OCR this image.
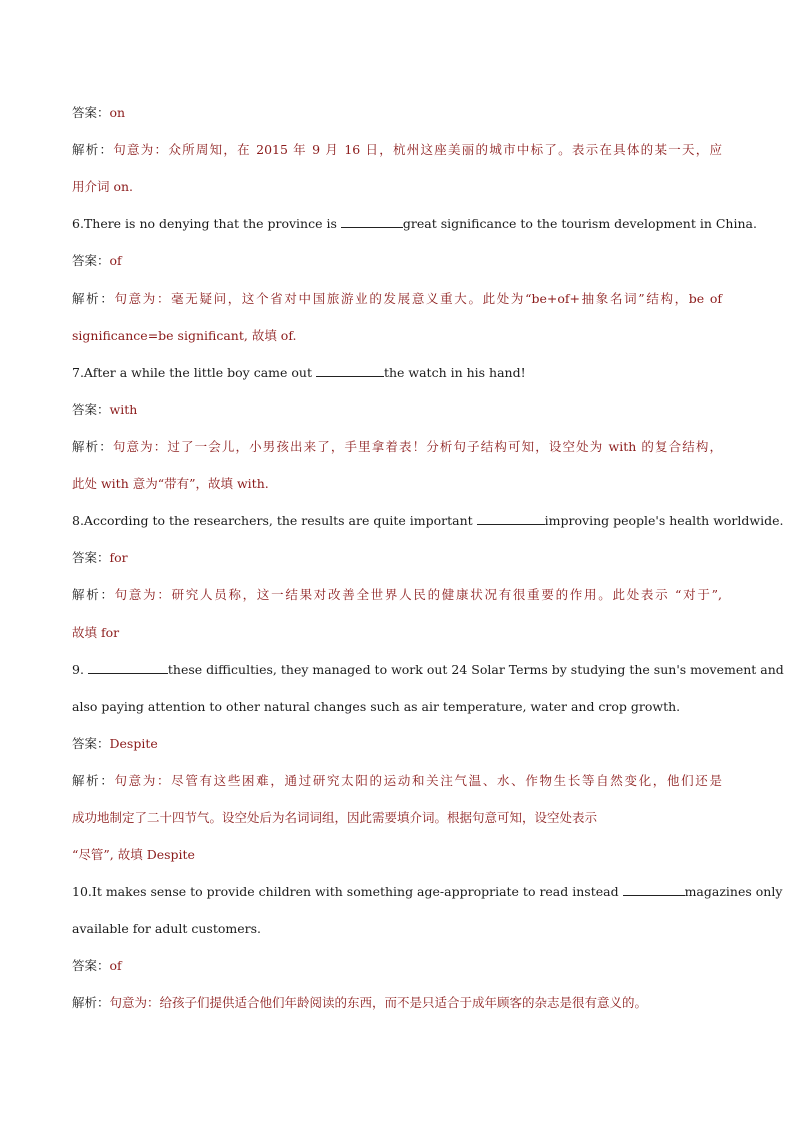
答案：on
解析：句意为：众所周知，在 2015 年 9 月 16 日，杭州这座美丽的城市中标了。表示在具体的某一天，应
用介词 on.
6.There is no denying that the province is	great significance to the tourism development in China.
答案：of
解析：句意为：毫无疑问，这个省对中国旅游业的发展意义重大。此处为“be+of+抽象名词”结构，be of
significance=be significant, 故填 of.
7.After a while the little boy came out	the watch in his hand!
答案：with
解析：句意为：过了一会儿，小男孩出来了，手里拿着表！分析句子结构可知，设空处为 with 的复合结构，
此处 with 意为“带有”，故填 with.
8.According to the researchers, the results are quite important	improving people's health worldwide.
答案：for
解析：句意为：研究人员称，这一结果对改善全世界人民的健康状况有很重要的作用。此处表示 “对于”,
故填 for
9.	these difficulties, they managed to work out 24 Solar Terms by studying the sun's movement and
also paying attention to other natural changes such as air temperature, water and crop growth.
答案：Despite
解析：句意为：尽管有这些困难，通过研究太阳的运动和关注气温、水、作物生长等自然变化，他们还是
成功地制定了二十四节气。设空处后为名词词组，因此需要填介词。根据句意可知，设空处表示
“尽管”, 故填 Despite
10.It makes sense to provide children with something age-appropriate to read instead	magazines only
available for adult customers.
答案：of
解析：句意为：给孩子们提供适合他们年龄阅读的东西，而不是只适合于成年顾客的杂志是很有意义的。
